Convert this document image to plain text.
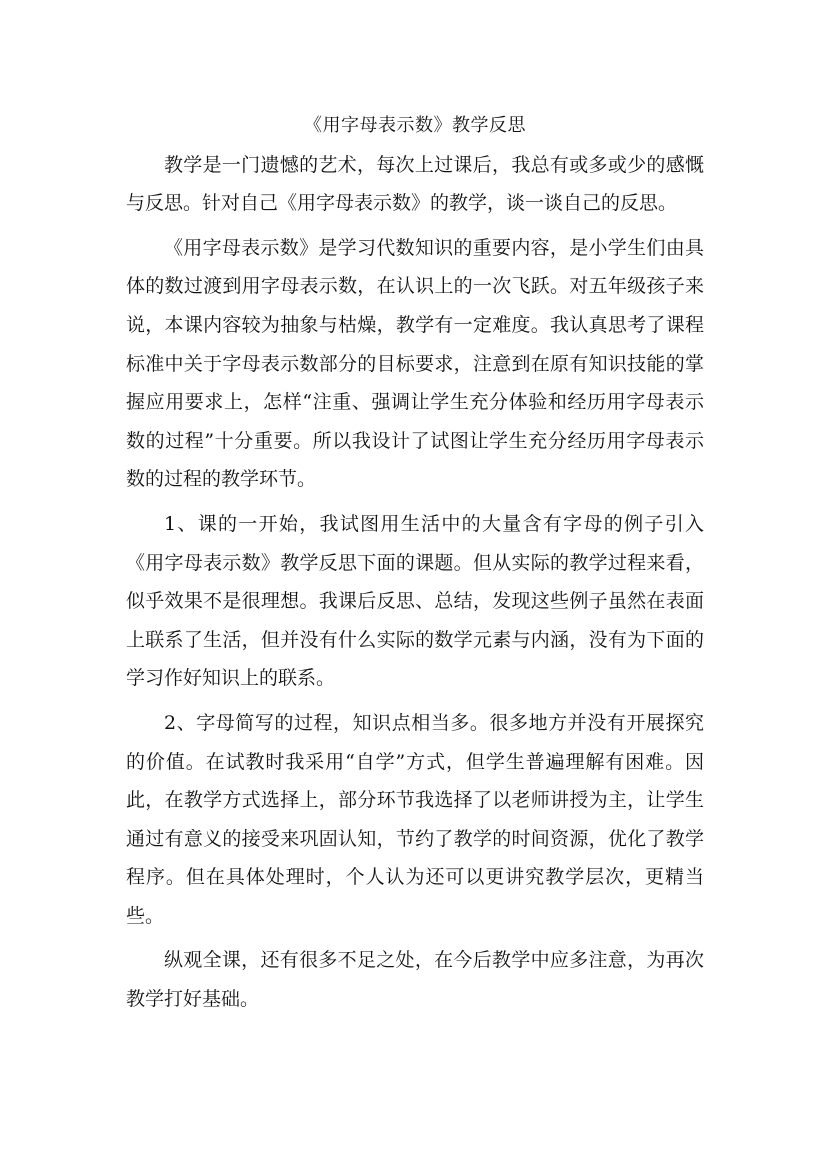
《用字母表示数》教学反思

教学是一门遗憾的艺术，每次上过课后，我总有或多或少的感慨与反思。针对自己《用字母表示数》的教学，谈一谈自己的反思。

《用字母表示数》是学习代数知识的重要内容，是小学生们由具体的数过渡到用字母表示数，在认识上的一次飞跃。对五年级孩子来说，本课内容较为抽象与枯燥，教学有一定难度。我认真思考了课程标准中关于字母表示数部分的目标要求，注意到在原有知识技能的掌握应用要求上，怎样“注重、强调让学生充分体验和经历用字母表示数的过程”十分重要。所以我设计了试图让学生充分经历用字母表示数的过程的教学环节。

1、课的一开始，我试图用生活中的大量含有字母的例子引入《用字母表示数》教学反思下面的课题。但从实际的教学过程来看，似乎效果不是很理想。我课后反思、总结，发现这些例子虽然在表面上联系了生活，但并没有什么实际的数学元素与内涵，没有为下面的学习作好知识上的联系。

2、字母简写的过程，知识点相当多。很多地方并没有开展探究的价值。在试教时我采用“自学”方式，但学生普遍理解有困难。因此，在教学方式选择上，部分环节我选择了以老师讲授为主，让学生通过有意义的接受来巩固认知，节约了教学的时间资源，优化了教学程序。但在具体处理时，个人认为还可以更讲究教学层次，更精当些。

纵观全课，还有很多不足之处，在今后教学中应多注意，为再次教学打好基础。
